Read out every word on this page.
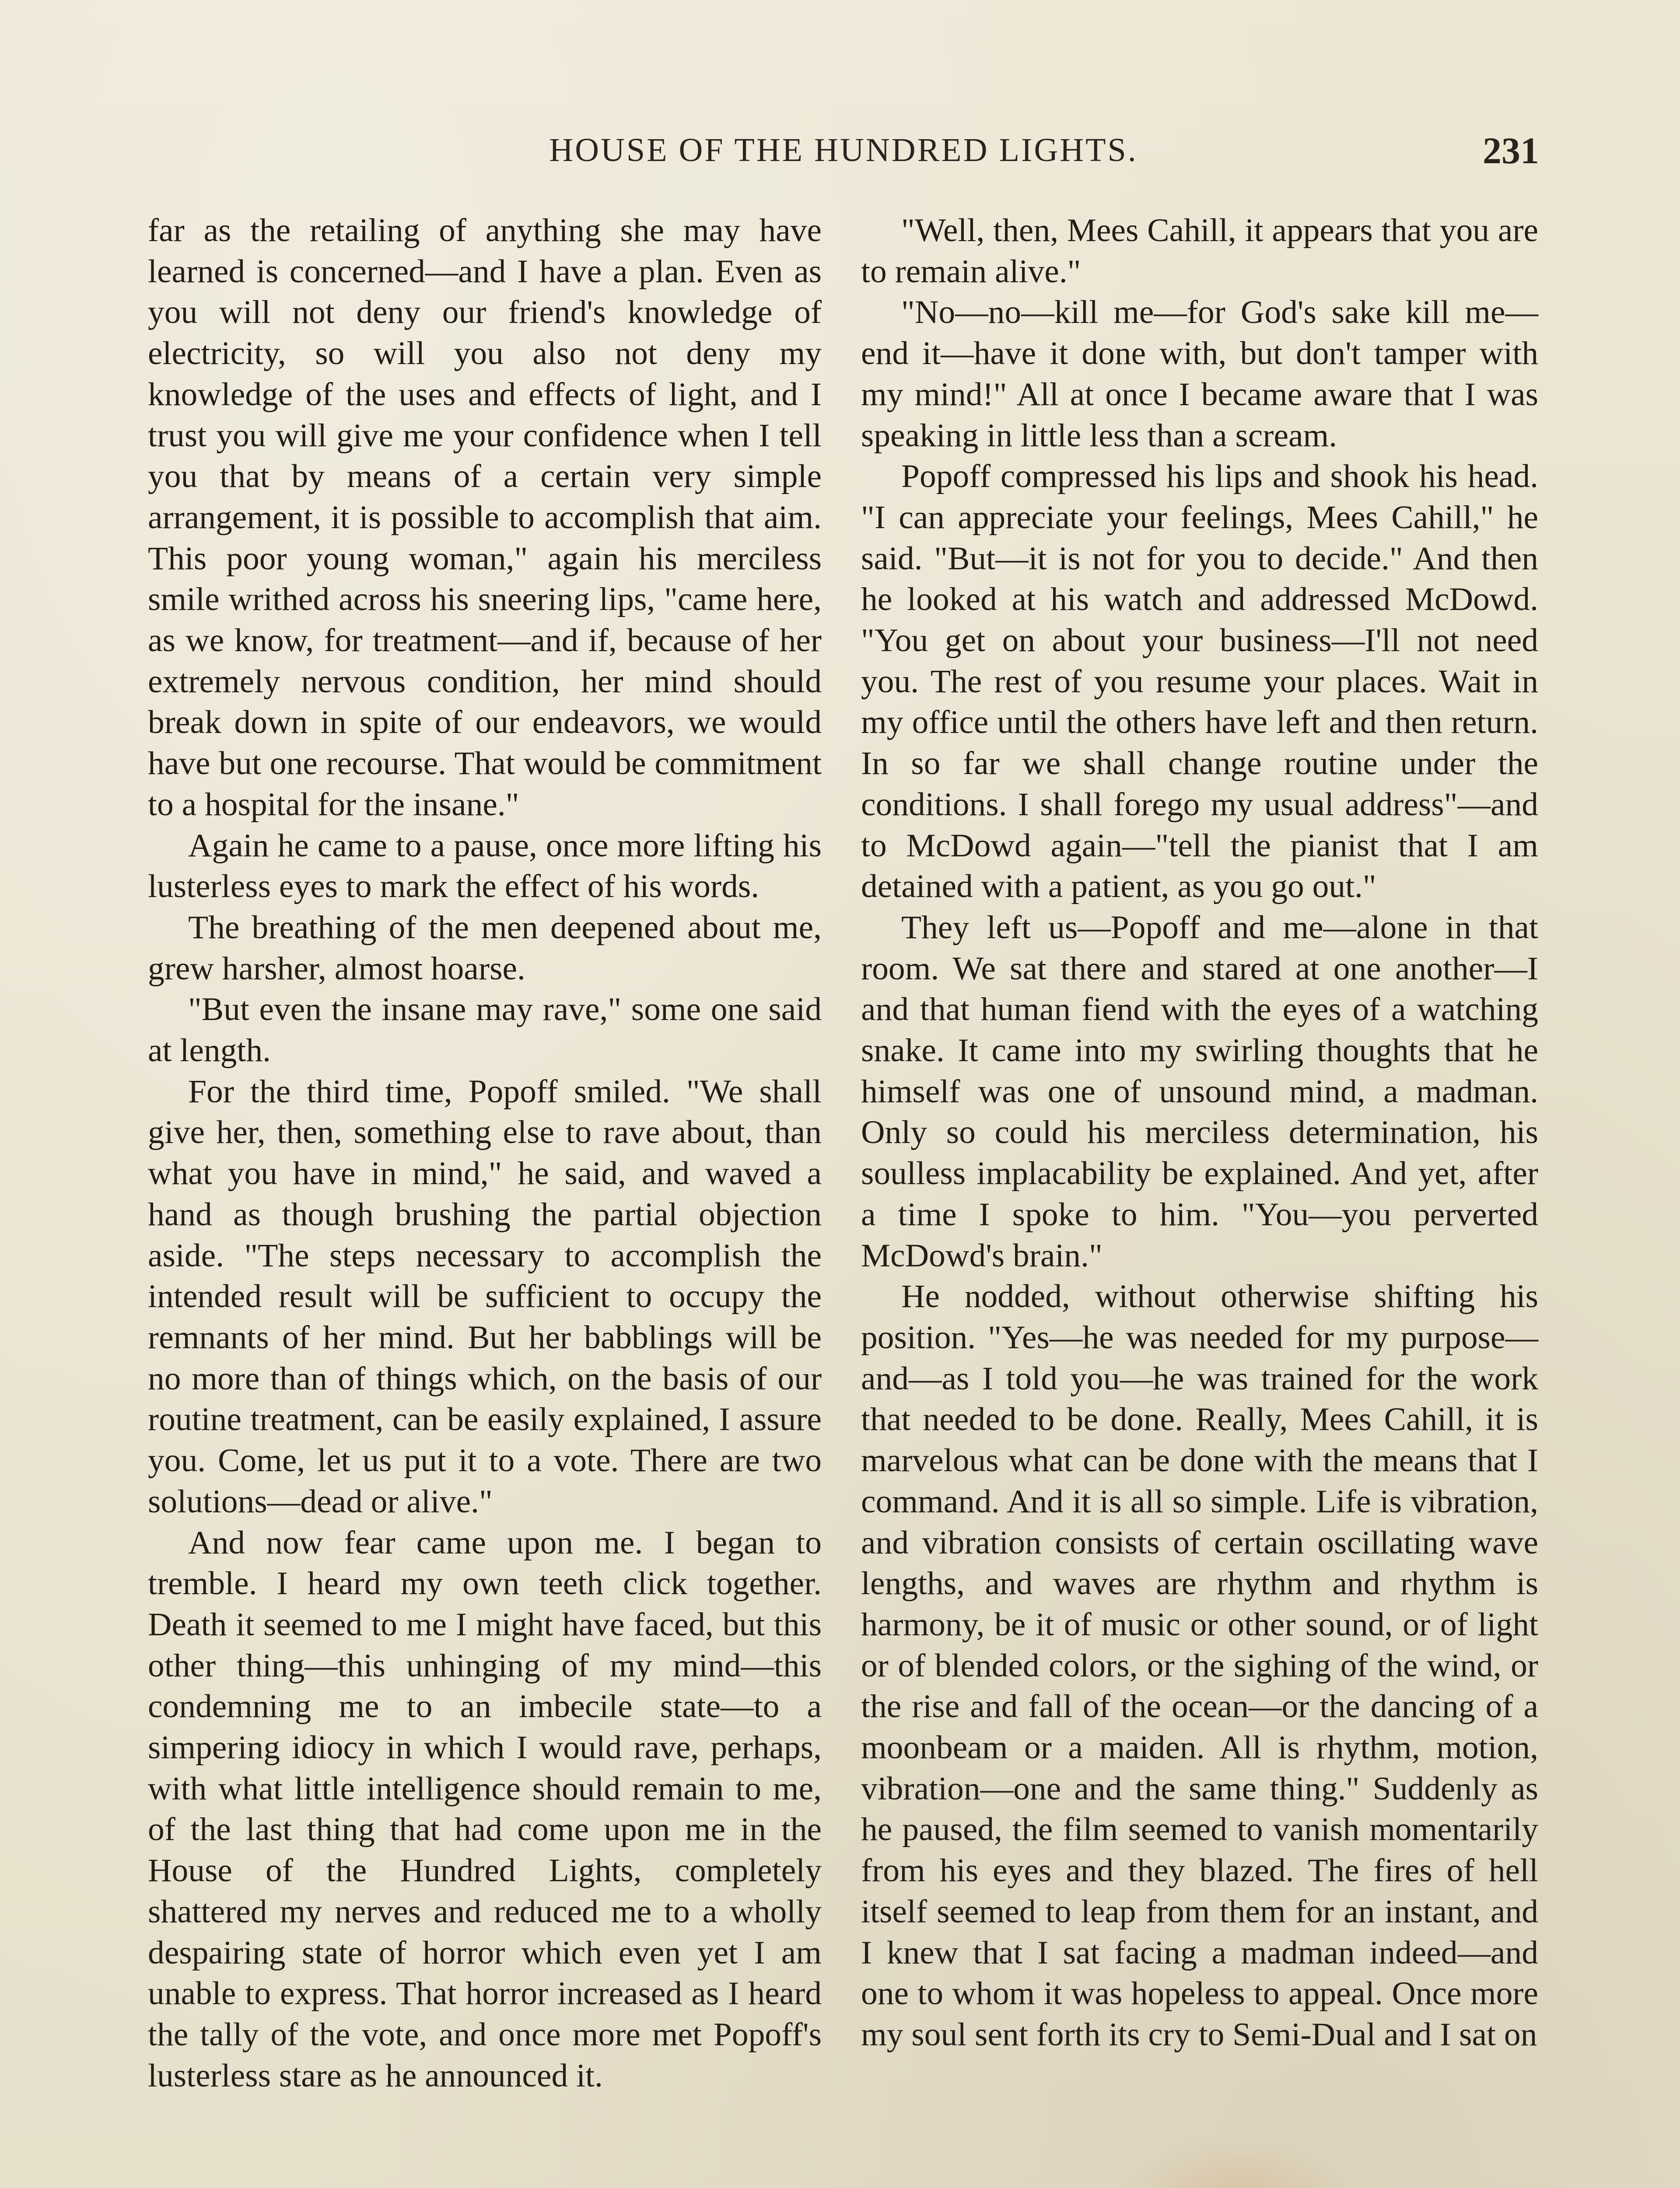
HOUSE OF THE HUNDRED LIGHTS.	231

far as the retailing of anything she may have learned is concerned—and I have a plan. Even as you will not deny our friend's knowledge of electricity, so will you also not deny my knowledge of the uses and effects of light, and I trust you will give me your confidence when I tell you that by means of a certain very simple arrangement, it is possible to accomplish that aim. This poor young woman," again his merciless smile writhed across his sneering lips, "came here, as we know, for treatment—and if, because of her extremely nervous condition, her mind should break down in spite of our endeavors, we would have but one recourse. That would be commitment to a hospital for the insane."

Again he came to a pause, once more lifting his lusterless eyes to mark the effect of his words.

The breathing of the men deepened about me, grew harsher, almost hoarse.

"But even the insane may rave," some one said at length.

For the third time, Popoff smiled. "We shall give her, then, something else to rave about, than what you have in mind," he said, and waved a hand as though brushing the partial objection aside. "The steps necessary to accomplish the intended result will be sufficient to occupy the remnants of her mind. But her babblings will be no more than of things which, on the basis of our routine treatment, can be easily explained, I assure you. Come, let us put it to a vote. There are two solutions—dead or alive."

And now fear came upon me. I began to tremble. I heard my own teeth click together. Death it seemed to me I might have faced, but this other thing—this unhinging of my mind—this condemning me to an imbecile state—to a simpering idiocy in which I would rave, perhaps, with what little intelligence should remain to me, of the last thing that had come upon me in the House of the Hundred Lights, completely shattered my nerves and reduced me to a wholly despairing state of horror which even yet I am unable to express. That horror increased as I heard the tally of the vote, and once more met Popoff's lusterless stare as he announced it.

"Well, then, Mees Cahill, it appears that you are to remain alive."

"No—no—kill me—for God's sake kill me—end it—have it done with, but don't tamper with my mind!" All at once I became aware that I was speaking in little less than a scream.

Popoff compressed his lips and shook his head. "I can appreciate your feelings, Mees Cahill," he said. "But—it is not for you to decide." And then he looked at his watch and addressed McDowd. "You get on about your business—I'll not need you. The rest of you resume your places. Wait in my office until the others have left and then return. In so far we shall change routine under the conditions. I shall forego my usual address"—and to McDowd again—"tell the pianist that I am detained with a patient, as you go out."

They left us—Popoff and me—alone in that room. We sat there and stared at one another—I and that human fiend with the eyes of a watching snake. It came into my swirling thoughts that he himself was one of unsound mind, a madman. Only so could his merciless determination, his soulless implacability be explained. And yet, after a time I spoke to him. "You—you perverted McDowd's brain."

He nodded, without otherwise shifting his position. "Yes—he was needed for my purpose—and—as I told you—he was trained for the work that needed to be done. Really, Mees Cahill, it is marvelous what can be done with the means that I command. And it is all so simple. Life is vibration, and vibration consists of certain oscillating wave lengths, and waves are rhythm and rhythm is harmony, be it of music or other sound, or of light or of blended colors, or the sighing of the wind, or the rise and fall of the ocean—or the dancing of a moonbeam or a maiden. All is rhythm, motion, vibration—one and the same thing." Suddenly as he paused, the film seemed to vanish momentarily from his eyes and they blazed. The fires of hell itself seemed to leap from them for an instant, and I knew that I sat facing a madman indeed—and one to whom it was hopeless to appeal. Once more my soul sent forth its cry to Semi-Dual and I sat on
